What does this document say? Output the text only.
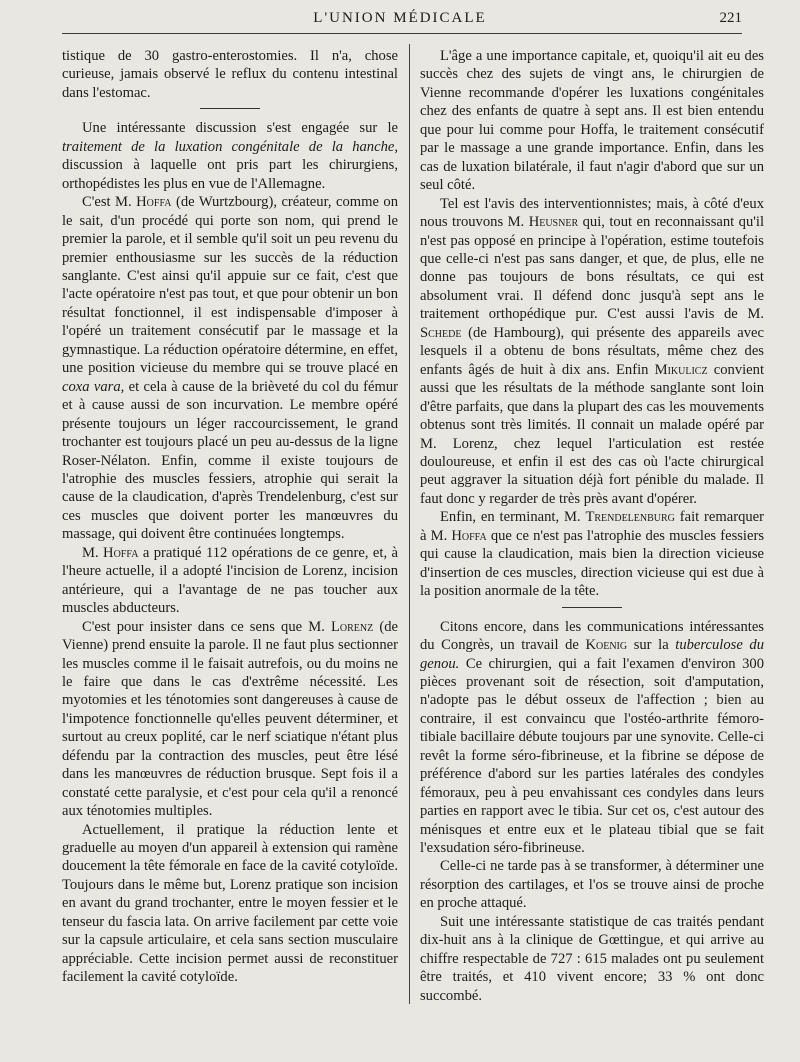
L'UNION MÉDICALE	221

tistique de 30 gastro-enterostomies. Il n'a, chose curieuse, jamais observé le reflux du contenu intestinal dans l'estomac.

Une intéressante discussion s'est engagée sur le traitement de la luxation congénitale de la hanche, discussion à laquelle ont pris part les chirurgiens, orthopédistes les plus en vue de l'Allemagne.

C'est M. Hoffa (de Wurtzbourg), créateur, comme on le sait, d'un procédé qui porte son nom, qui prend le premier la parole, et il semble qu'il soit un peu revenu du premier enthousiasme sur les succès de la réduction sanglante. C'est ainsi qu'il appuie sur ce fait, c'est que l'acte opératoire n'est pas tout, et que pour obtenir un bon résultat fonctionnel, il est indispensable d'imposer à l'opéré un traitement consécutif par le massage et la gymnastique. La réduction opératoire détermine, en effet, une position vicieuse du membre qui se trouve placé en coxa vara, et cela à cause de la brièveté du col du fémur et à cause aussi de son incurvation. Le membre opéré présente toujours un léger raccourcissement, le grand trochanter est toujours placé un peu au-dessus de la ligne Roser-Nélaton. Enfin, comme il existe toujours de l'atrophie des muscles fessiers, atrophie qui serait la cause de la claudication, d'après Trendelenburg, c'est sur ces muscles que doivent porter les manœuvres du massage, qui doivent être continuées longtemps.

M. Hoffa a pratiqué 112 opérations de ce genre, et, à l'heure actuelle, il a adopté l'incision de Lorenz, incision antérieure, qui a l'avantage de ne pas toucher aux muscles abducteurs.

C'est pour insister dans ce sens que M. Lorenz (de Vienne) prend ensuite la parole. Il ne faut plus sectionner les muscles comme il le faisait autrefois, ou du moins ne le faire que dans le cas d'extrême nécessité. Les myotomies et les ténotomies sont dangereuses à cause de l'impotence fonctionnelle qu'elles peuvent déterminer, et surtout au creux poplité, car le nerf sciatique n'étant plus défendu par la contraction des muscles, peut être lésé dans les manœuvres de réduction brusque. Sept fois il a constaté cette paralysie, et c'est pour cela qu'il a renoncé aux ténotomies multiples.

Actuellement, il pratique la réduction lente et graduelle au moyen d'un appareil à extension qui ramène doucement la tête fémorale en face de la cavité cotyloïde. Toujours dans le même but, Lorenz pratique son incision en avant du grand trochanter, entre le moyen fessier et le tenseur du fascia lata. On arrive facilement par cette voie sur la capsule articulaire, et cela sans section musculaire appréciable. Cette incision permet aussi de reconstituer facilement la cavité cotyloïde.

L'âge a une importance capitale, et, quoiqu'il ait eu des succès chez des sujets de vingt ans, le chirurgien de Vienne recommande d'opérer les luxations congénitales chez des enfants de quatre à sept ans. Il est bien entendu que pour lui comme pour Hoffa, le traitement consécutif par le massage a une grande importance. Enfin, dans les cas de luxation bilatérale, il faut n'agir d'abord que sur un seul côté.

Tel est l'avis des interventionnistes; mais, à côté d'eux nous trouvons M. Heusner qui, tout en reconnaissant qu'il n'est pas opposé en principe à l'opération, estime toutefois que celle-ci n'est pas sans danger, et que, de plus, elle ne donne pas toujours de bons résultats, ce qui est absolument vrai. Il défend donc jusqu'à sept ans le traitement orthopédique pur. C'est aussi l'avis de M. Schede (de Hambourg), qui présente des appareils avec lesquels il a obtenu de bons résultats, même chez des enfants âgés de huit à dix ans. Enfin Mikulicz convient aussi que les résultats de la méthode sanglante sont loin d'être parfaits, que dans la plupart des cas les mouvements obtenus sont très limités. Il connait un malade opéré par M. Lorenz, chez lequel l'articulation est restée douloureuse, et enfin il est des cas où l'acte chirurgical peut aggraver la situation déjà fort pénible du malade. Il faut donc y regarder de très près avant d'opérer.

Enfin, en terminant, M. Trendelenburg fait remarquer à M. Hoffa que ce n'est pas l'atrophie des muscles fessiers qui cause la claudication, mais bien la direction vicieuse d'insertion de ces muscles, direction vicieuse qui est due à la position anormale de la tête.

Citons encore, dans les communications intéressantes du Congrès, un travail de Koenig sur la tuberculose du genou. Ce chirurgien, qui a fait l'examen d'environ 300 pièces provenant soit de résection, soit d'amputation, n'adopte pas le début osseux de l'affection ; bien au contraire, il est convaincu que l'ostéo-arthrite fémoro-tibiale bacillaire débute toujours par une synovite. Celle-ci revêt la forme séro-fibrineuse, et la fibrine se dépose de préférence d'abord sur les parties latérales des condyles fémoraux, peu à peu envahissant ces condyles dans leurs parties en rapport avec le tibia. Sur cet os, c'est autour des ménisques et entre eux et le plateau tibial que se fait l'exsudation séro-fibrineuse.

Celle-ci ne tarde pas à se transformer, à déterminer une résorption des cartilages, et l'os se trouve ainsi de proche en proche attaqué.

Suit une intéressante statistique de cas traités pendant dix-huit ans à la clinique de Gœttingue, et qui arrive au chiffre respectable de 727 : 615 malades ont pu seulement être traités, et 410 vivent encore; 33 % ont donc succombé.
